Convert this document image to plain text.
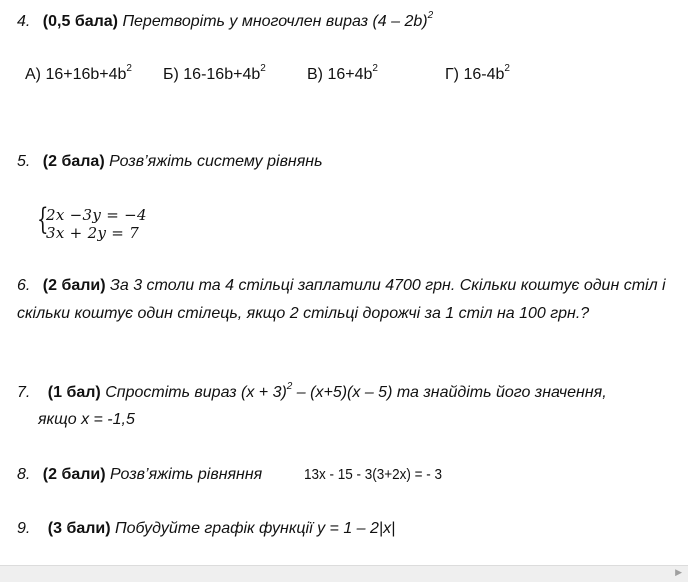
4. (0,5 бала) Перетворіть у многочлен вираз (4 – 2b)$^2$
А) $16+16b+4b^2$ Б) $16-16b+4b^2$	В) $16+4b^2$	Г) $16-4b^2$
5. (2 бала) Розв’яжіть систему рівнянь
{
2x −3y = −4
3x + 2y = 7
6. (2 бали) За 3 столи та 4 стільці заплатили 4700 грн. Скільки коштує один стіл і скільки коштує один стілець, якщо 2 стільці дорожчі за 1 стіл на 100 грн.?
7. (1 бал) Спростіть вираз $(x + 3)^2 - (x+5)(x - 5)$ та знайдіть його значення,
якщо x = -1,5
8. (2 бали) Розв’яжіть рівняння	13x - 15 - 3(3+2x) = - 3
9. (3 бали) Побудуйте графік функції y = 1 – 2|x|
▶
